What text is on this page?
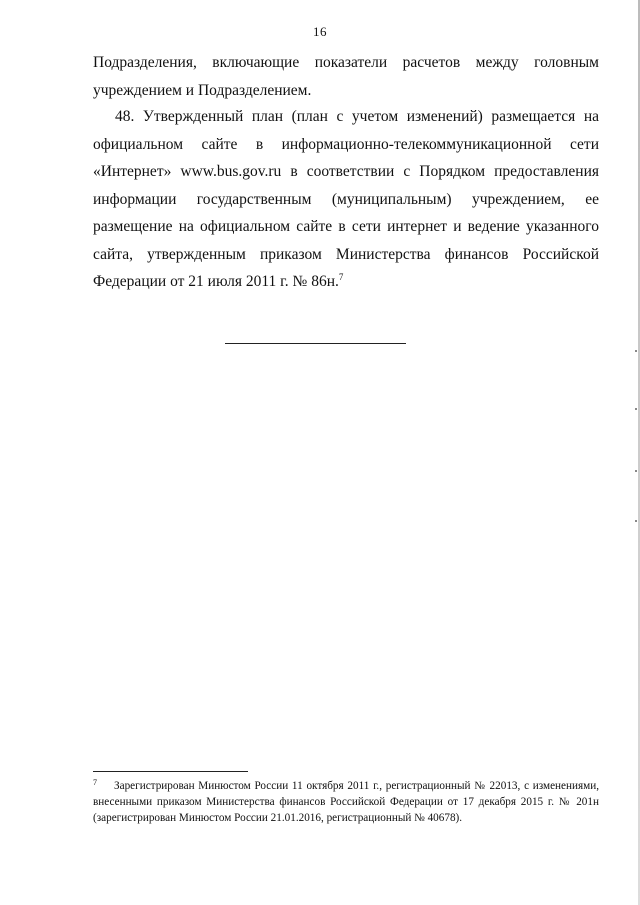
16

Подразделения, включающие показатели расчетов между головным учреждением и Подразделением.

48. Утвержденный план (план с учетом изменений) размещается на официальном сайте в информационно-телекоммуникационной сети «Интернет» www.bus.gov.ru в соответствии с Порядком предоставления информации государственным (муниципальным) учреждением, ее размещение на официальном сайте в сети интернет и ведение указанного сайта, утвержденным приказом Министерства финансов Российской Федерации от 21 июля 2011 г. № 86н.$^7$

7 Зарегистрирован Минюстом России 11 октября 2011 г., регистрационный № 22013, с изменениями, внесенными приказом Министерства финансов Российской Федерации от 17 декабря 2015 г. № 201н (зарегистрирован Минюстом России 21.01.2016, регистрационный № 40678).
